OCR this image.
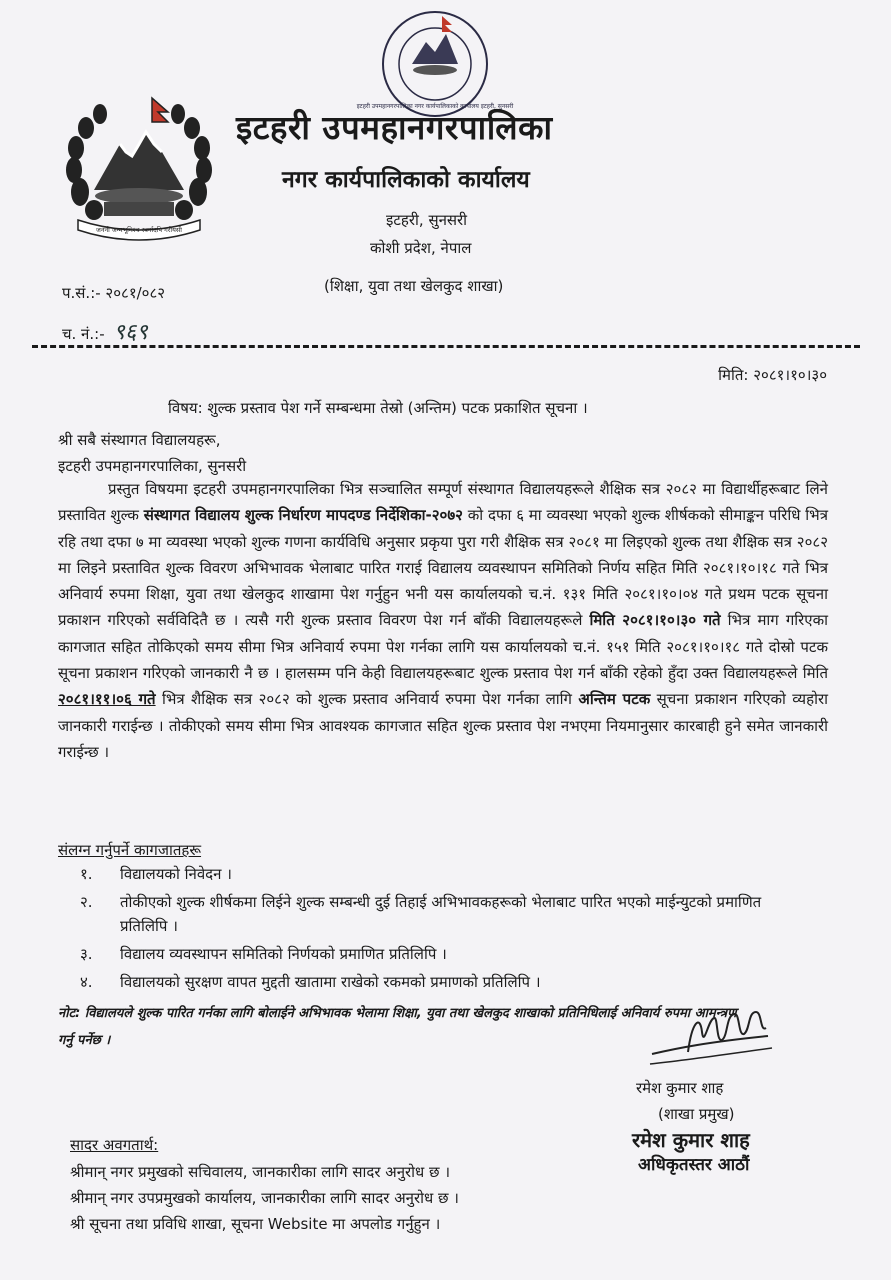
जननी जन्मभूमिश्च स्वर्गादपि गरीयसी
इटहरी उपमहानगरपालिका नगर कार्यपालिकाको कार्यालय इटहरी, सुनसरी
इटहरी उपमहानगरपालिका
नगर कार्यपालिकाको कार्यालय
इटहरी, सुनसरी
कोशी प्रदेश, नेपाल
(शिक्षा, युवा तथा खेलकुद शाखा)
प.सं.:- २०८१/०८२
च. नं.:- ९६९
मिति: २०८१।१०।३०
विषय: शुल्क प्रस्ताव पेश गर्ने सम्बन्धमा तेस्रो (अन्तिम) पटक प्रकाशित सूचना ।
श्री सबै संस्थागत विद्यालयहरू,
इटहरी उपमहानगरपालिका, सुनसरी
प्रस्तुत विषयमा इटहरी उपमहानगरपालिका भित्र सञ्चालित सम्पूर्ण संस्थागत विद्यालयहरूले शैक्षिक सत्र २०८२ मा विद्यार्थीहरूबाट लिने प्रस्तावित शुल्क संस्थागत विद्यालय शुल्क निर्धारण मापदण्ड निर्देशिका-२०७२ को दफा ६ मा व्यवस्था भएको शुल्क शीर्षकको सीमाङ्कन परिधि भित्र रहि तथा दफा ७ मा व्यवस्था भएको शुल्क गणना कार्यविधि अनुसार प्रकृया पुरा गरी शैक्षिक सत्र २०८१ मा लिइएको शुल्क तथा शैक्षिक सत्र २०८२ मा लिइने प्रस्तावित शुल्क विवरण अभिभावक भेलाबाट पारित गराई विद्यालय व्यवस्थापन समितिको निर्णय सहित मिति २०८१।१०।१८ गते भित्र अनिवार्य रुपमा शिक्षा, युवा तथा खेलकुद शाखामा पेश गर्नुहुन भनी यस कार्यालयको च.नं. १३१ मिति २०८१।१०।०४ गते प्रथम पटक सूचना प्रकाशन गरिएको सर्वविदितै छ । त्यसै गरी शुल्क प्रस्ताव विवरण पेश गर्न बाँकी विद्यालयहरूले मिति २०८१।१०।३० गते भित्र माग गरिएका कागजात सहित तोकिएको समय सीमा भित्र अनिवार्य रुपमा पेश गर्नका लागि यस कार्यालयको च.नं. १५१ मिति २०८१।१०।१८ गते दोस्रो पटक सूचना प्रकाशन गरिएको जानकारी नै छ । हालसम्म पनि केही विद्यालयहरूबाट शुल्क प्रस्ताव पेश गर्न बाँकी रहेको हुँदा उक्त विद्यालयहरूले मिति २०८१।११।०६ गते भित्र शैक्षिक सत्र २०८२ को शुल्क प्रस्ताव अनिवार्य रुपमा पेश गर्नका लागि अन्तिम पटक सूचना प्रकाशन गरिएको व्यहोरा जानकारी गराईन्छ । तोकीएको समय सीमा भित्र आवश्यक कागजात सहित शुल्क प्रस्ताव पेश नभएमा नियमानुसार कारबाही हुने समेत जानकारी गराईन्छ ।
संलग्न गर्नुपर्ने कागजातहरू
१.	विद्यालयको निवेदन ।
२.	तोकीएको शुल्क शीर्षकमा लिईने शुल्क सम्बन्धी दुई तिहाई अभिभावकहरूको भेलाबाट पारित भएको माईन्युटको प्रमाणित प्रतिलिपि ।
३.	विद्यालय व्यवस्थापन समितिको निर्णयको प्रमाणित प्रतिलिपि ।
४.	विद्यालयको सुरक्षण वापत मुद्दती खातामा राखेको रकमको प्रमाणको प्रतिलिपि ।
नोट: विद्यालयले शुल्क पारित गर्नका लागि बोलाईने अभिभावक भेलामा शिक्षा, युवा तथा खेलकुद शाखाको प्रतिनिधिलाई अनिवार्य रुपमा आमन्त्रण गर्नु पर्नेछ ।
रमेश कुमार शाह
(शाखा प्रमुख)
रमेश कुमार शाह
अधिकृतस्तर आठौं
सादर अवगतार्थ:
श्रीमान् नगर प्रमुखको सचिवालय, जानकारीका लागि सादर अनुरोध छ ।
श्रीमान् नगर उपप्रमुखको कार्यालय, जानकारीका लागि सादर अनुरोध छ ।
श्री सूचना तथा प्रविधि शाखा, सूचना Website मा अपलोड गर्नुहुन ।
